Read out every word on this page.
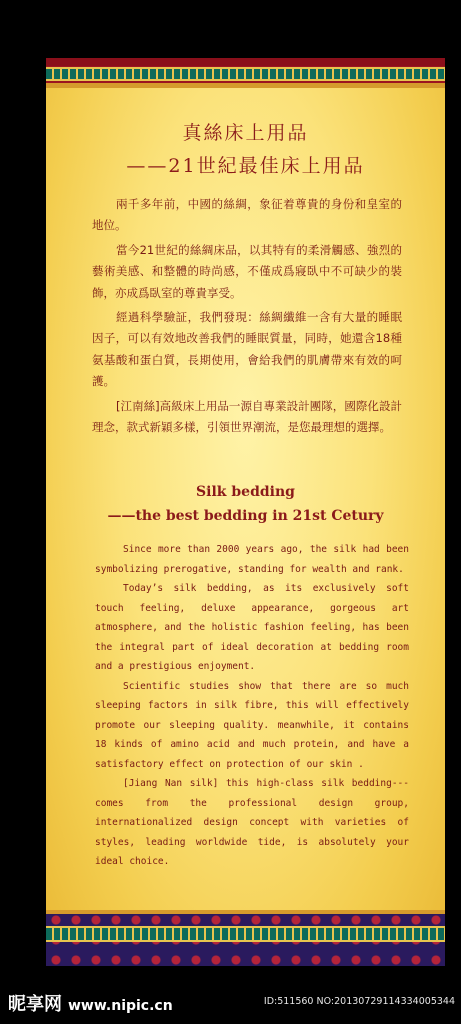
真絲床上用品
——21世紀最佳床上用品

兩千多年前，中國的絲綢，象征着尊貴的身份和皇室的地位。

當今21世紀的絲綢床品，以其特有的柔滑觸感、強烈的藝術美感、和整體的時尚感，不僅成爲寢臥中不可缺少的裝飾，亦成爲臥室的尊貴享受。

經過科學驗証，我們發現：絲綢纖維一含有大量的睡眠因子，可以有效地改善我們的睡眠質量，同時，她還含18種氨基酸和蛋白質，長期使用，會給我們的肌膚帶來有效的呵護。

[江南絲]高級床上用品一源自專業設計團隊，國際化設計理念，款式新穎多樣，引領世界潮流，是您最理想的選擇。

Silk bedding
——the best bedding in 21st Cetury

Since more than 2000 years ago, the silk had been symbolizing prerogative, standing for wealth and rank.

Today’s silk bedding, as its exclusively soft touch feeling, deluxe appearance, gorgeous art atmosphere, and the holistic fashion feeling, has been the integral part of ideal decoration at bedding room and a prestigious enjoyment.

Scientific studies show that there are so much sleeping factors in silk fibre, this will effectively promote our sleeping quality. meanwhile, it contains 18 kinds of amino acid and much protein, and have a satisfactory effect on protection of our skin .

[Jiang Nan silk] this high-class silk bedding---comes from the professional design group, internationalized design concept with varieties of styles, leading worldwide tide, is absolutely your ideal choice.

昵享网 www.nipic.cn	ID:511560 NO:20130729114334005344
